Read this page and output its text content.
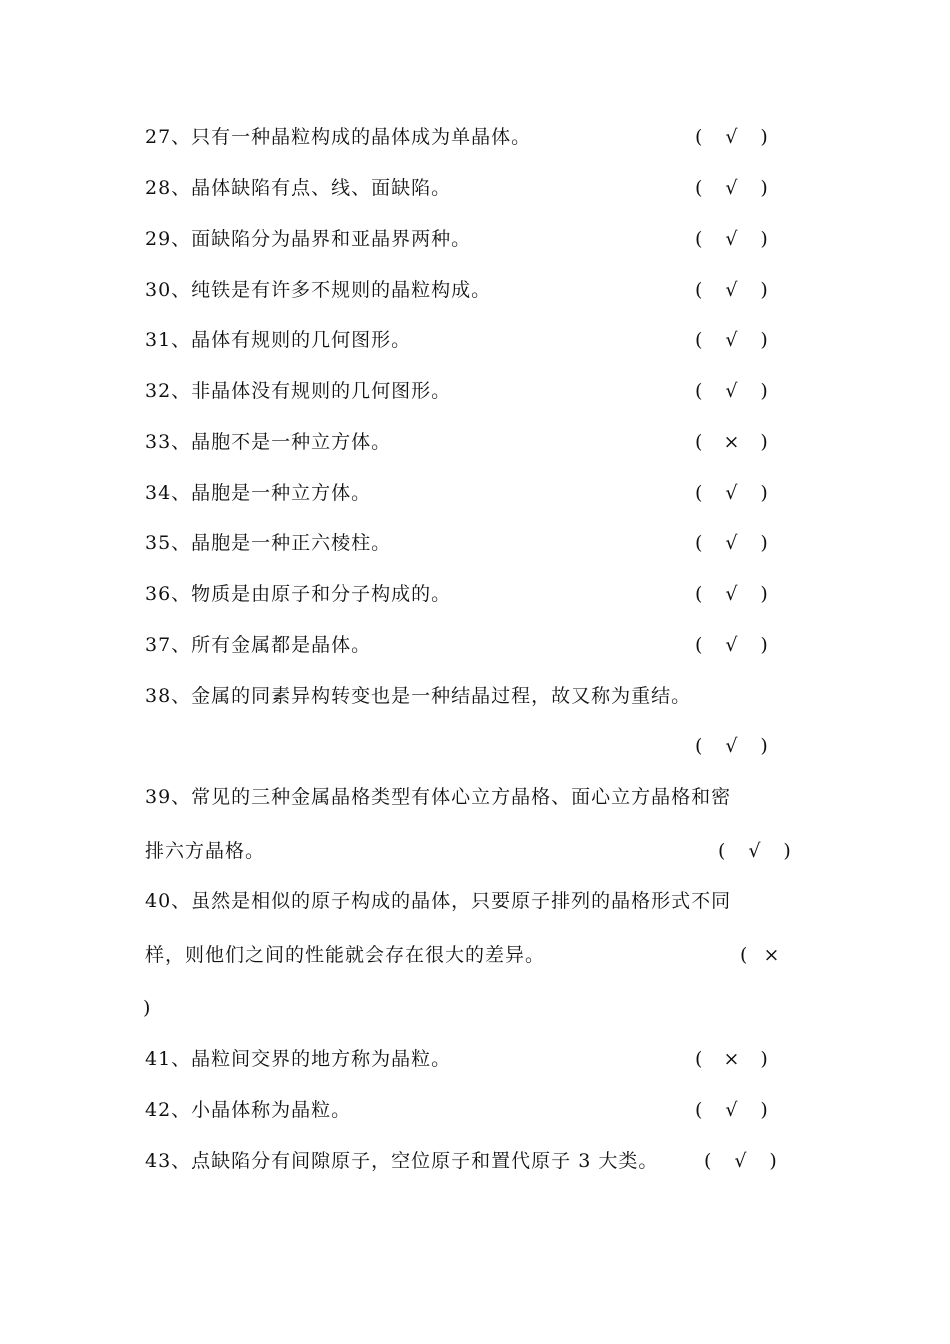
27、只有一种晶粒构成的晶体成为单晶体。	( √ )
28、晶体缺陷有点、线、面缺陷。	( √ )
29、面缺陷分为晶界和亚晶界两种。	( √ )
30、纯铁是有许多不规则的晶粒构成。	( √ )
31、晶体有规则的几何图形。	( √ )
32、非晶体没有规则的几何图形。	( √ )
33、晶胞不是一种立方体。	( × )
34、晶胞是一种立方体。	( √ )
35、晶胞是一种正六棱柱。	( √ )
36、物质是由原子和分子构成的。	( √ )
37、所有金属都是晶体。	( √ )
38、金属的同素异构转变也是一种结晶过程，故又称为重结。
( √ )
39、常见的三种金属晶格类型有体心立方晶格、面心立方晶格和密
排六方晶格。	( √ )
40、虽然是相似的原子构成的晶体，只要原子排列的晶格形式不同
样，则他们之间的性能就会存在很大的差异。	( ×
)
41、晶粒间交界的地方称为晶粒。	( × )
42、小晶体称为晶粒。	( √ )
43、点缺陷分有间隙原子，空位原子和置代原子 3 大类。 ( √ )
